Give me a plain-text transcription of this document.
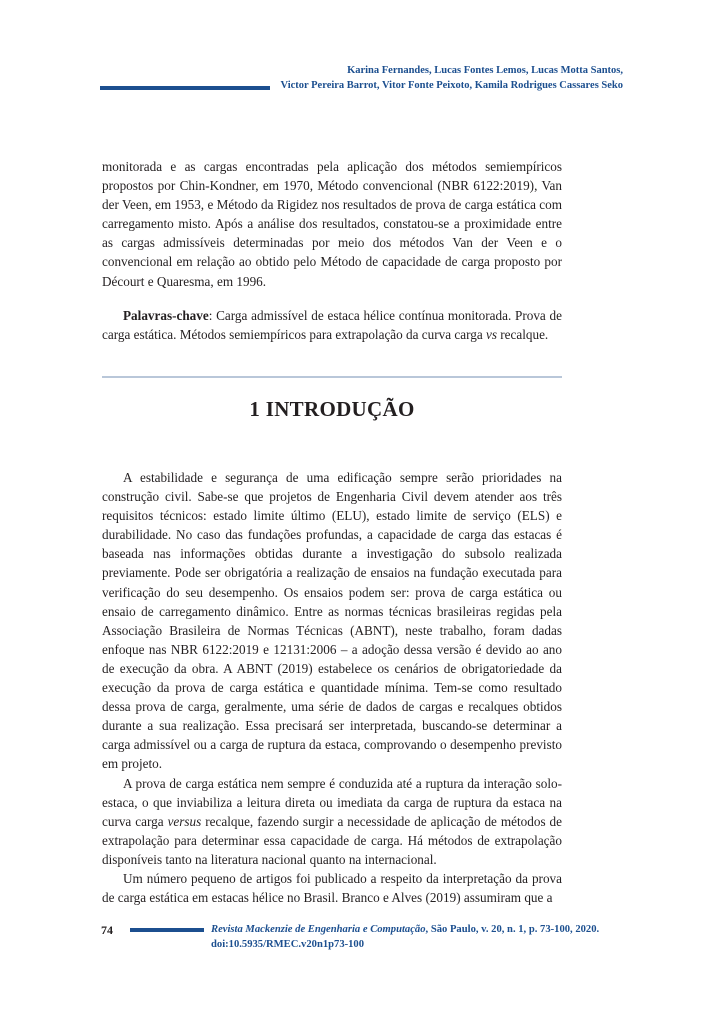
Karina Fernandes, Lucas Fontes Lemos, Lucas Motta Santos,
Victor Pereira Barrot, Vitor Fonte Peixoto, Kamila Rodrigues Cassares Seko

monitorada e as cargas encontradas pela aplicação dos métodos semiempíricos propostos por Chin-Kondner, em 1970, Método convencional (NBR 6122:2019), Van der Veen, em 1953, e Método da Rigidez nos resultados de prova de carga estática com carregamento misto. Após a análise dos resultados, constatou-se a proximidade entre as cargas admissíveis determinadas por meio dos métodos Van der Veen e o convencional em relação ao obtido pelo Método de capacidade de carga proposto por Décourt e Quaresma, em 1996.

Palavras-chave: Carga admissível de estaca hélice contínua monitorada. Prova de carga estática. Métodos semiempíricos para extrapolação da curva carga vs recalque.

1 INTRODUÇÃO

A estabilidade e segurança de uma edificação sempre serão prioridades na construção civil. Sabe-se que projetos de Engenharia Civil devem atender aos três requisitos técnicos: estado limite último (ELU), estado limite de serviço (ELS) e durabilidade. No caso das fundações profundas, a capacidade de carga das estacas é baseada nas informações obtidas durante a investigação do subsolo realizada previamente. Pode ser obrigatória a realização de ensaios na fundação executada para verificação do seu desempenho. Os ensaios podem ser: prova de carga estática ou ensaio de carregamento dinâmico. Entre as normas técnicas brasileiras regidas pela Associação Brasileira de Normas Técnicas (ABNT), neste trabalho, foram dadas enfoque nas NBR 6122:2019 e 12131:2006 – a adoção dessa versão é devido ao ano de execução da obra. A ABNT (2019) estabelece os cenários de obrigatoriedade da execução da prova de carga estática e quantidade mínima. Tem-se como resultado dessa prova de carga, geralmente, uma série de dados de cargas e recalques obtidos durante a sua realização. Essa precisará ser interpretada, buscando-se determinar a carga admissível ou a carga de ruptura da estaca, comprovando o desempenho previsto em projeto.

A prova de carga estática nem sempre é conduzida até a ruptura da interação solo-estaca, o que inviabiliza a leitura direta ou imediata da carga de ruptura da estaca na curva carga versus recalque, fazendo surgir a necessidade de aplicação de métodos de extrapolação para determinar essa capacidade de carga. Há métodos de extrapolação disponíveis tanto na literatura nacional quanto na internacional.

Um número pequeno de artigos foi publicado a respeito da interpretação da prova de carga estática em estacas hélice no Brasil. Branco e Alves (2019) assumiram que a

74	Revista Mackenzie de Engenharia e Computação, São Paulo, v. 20, n. 1, p. 73-100, 2020.
doi:10.5935/RMEC.v20n1p73-100
